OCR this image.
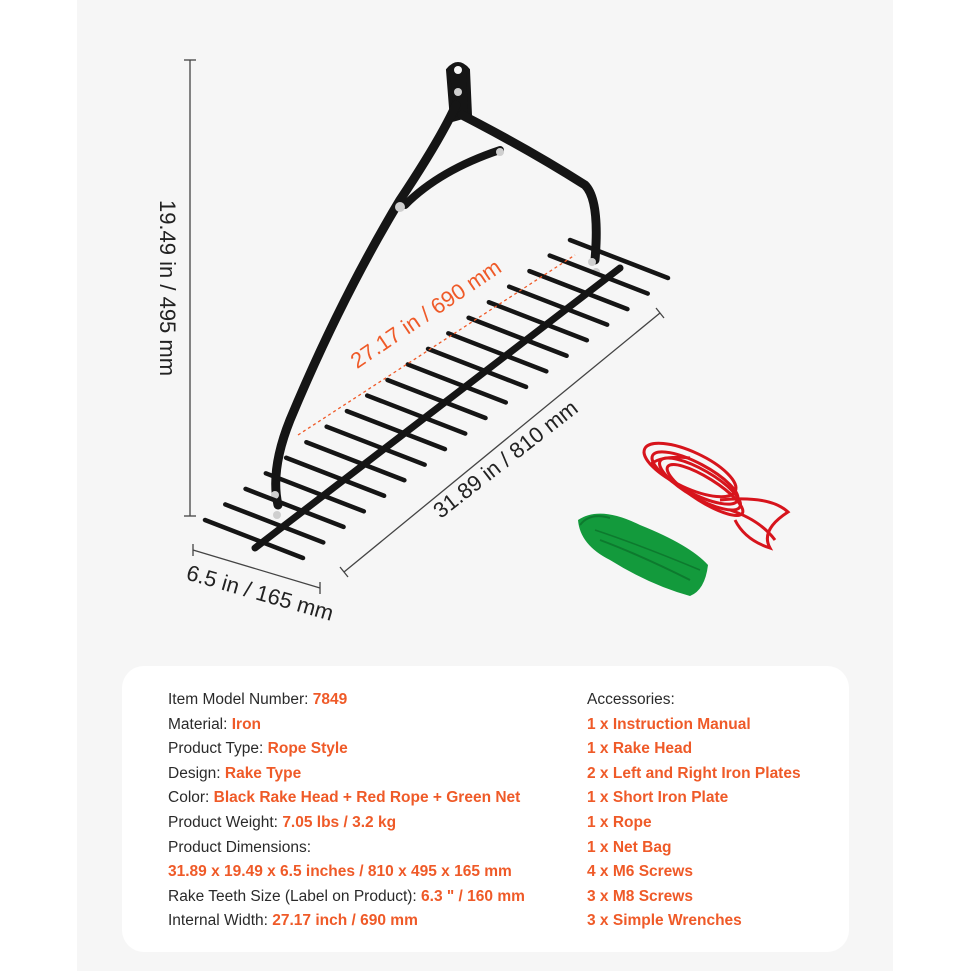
19.49 in / 495 mm
6.5 in / 165 mm
31.89 in / 810 mm
27.17 in / 690 mm
Item Model Number: 7849
Material: Iron
Product Type: Rope Style
Design: Rake Type
Color: Black Rake Head + Red Rope + Green Net
Product Weight: 7.05 lbs / 3.2 kg
Product Dimensions:
31.89 x 19.49 x 6.5 inches / 810 x 495 x 165 mm
Rake Teeth Size (Label on Product): 6.3 " / 160 mm
Internal Width: 27.17 inch / 690 mm
Accessories:
1 x Instruction Manual
1 x Rake Head
2 x Left and Right Iron Plates
1 x Short Iron Plate
1 x Rope
1 x Net Bag
4 x M6 Screws
3 x M8 Screws
3 x Simple Wrenches
